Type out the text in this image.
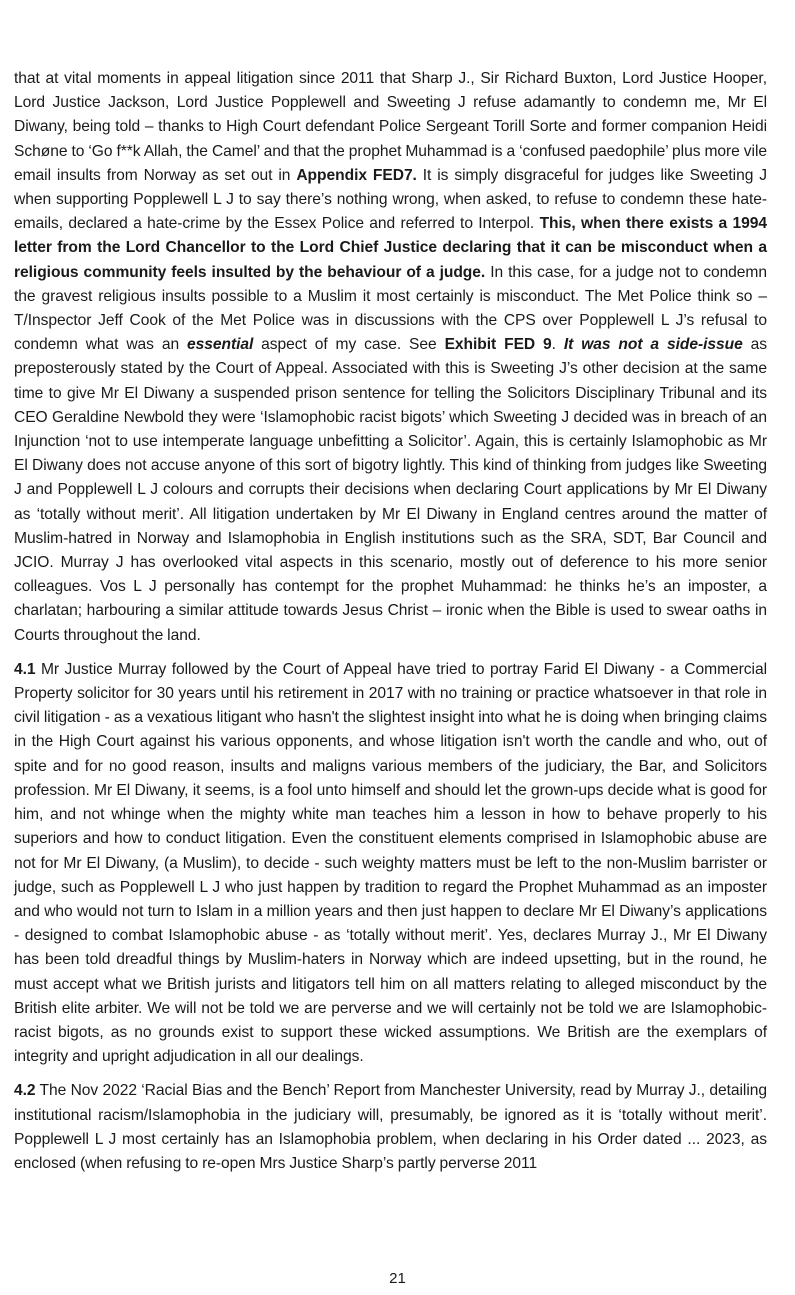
that at vital moments in appeal litigation since 2011 that Sharp J., Sir Richard Buxton, Lord Justice Hooper, Lord Justice Jackson, Lord Justice Popplewell and Sweeting J refuse adamantly to condemn me, Mr El Diwany, being told – thanks to High Court defendant Police Sergeant Torill Sorte and former companion Heidi Schøne to ‘Go f**k Allah, the Camel’ and that the prophet Muhammad is a ‘confused paedophile’ plus more vile email insults from Norway as set out in Appendix FED7. It is simply disgraceful for judges like Sweeting J when supporting Popplewell L J to say there’s nothing wrong, when asked, to refuse to condemn these hate-emails, declared a hate-crime by the Essex Police and referred to Interpol. This, when there exists a 1994 letter from the Lord Chancellor to the Lord Chief Justice declaring that it can be misconduct when a religious community feels insulted by the behaviour of a judge. In this case, for a judge not to condemn the gravest religious insults possible to a Muslim it most certainly is misconduct. The Met Police think so – T/Inspector Jeff Cook of the Met Police was in discussions with the CPS over Popplewell L J’s refusal to condemn what was an essential aspect of my case. See Exhibit FED 9. It was not a side-issue as preposterously stated by the Court of Appeal. Associated with this is Sweeting J’s other decision at the same time to give Mr El Diwany a suspended prison sentence for telling the Solicitors Disciplinary Tribunal and its CEO Geraldine Newbold they were ‘Islamophobic racist bigots’ which Sweeting J decided was in breach of an Injunction ‘not to use intemperate language unbefitting a Solicitor’. Again, this is certainly Islamophobic as Mr El Diwany does not accuse anyone of this sort of bigotry lightly. This kind of thinking from judges like Sweeting J and Popplewell L J colours and corrupts their decisions when declaring Court applications by Mr El Diwany as ‘totally without merit’. All litigation undertaken by Mr El Diwany in England centres around the matter of Muslim-hatred in Norway and Islamophobia in English institutions such as the SRA, SDT, Bar Council and JCIO. Murray J has overlooked vital aspects in this scenario, mostly out of deference to his more senior colleagues. Vos L J personally has contempt for the prophet Muhammad: he thinks he’s an imposter, a charlatan; harbouring a similar attitude towards Jesus Christ – ironic when the Bible is used to swear oaths in Courts throughout the land.

4.1 Mr Justice Murray followed by the Court of Appeal have tried to portray Farid El Diwany - a Commercial Property solicitor for 30 years until his retirement in 2017 with no training or practice whatsoever in that role in civil litigation - as a vexatious litigant who hasn't the slightest insight into what he is doing when bringing claims in the High Court against his various opponents, and whose litigation isn't worth the candle and who, out of spite and for no good reason, insults and maligns various members of the judiciary, the Bar, and Solicitors profession. Mr El Diwany, it seems, is a fool unto himself and should let the grown-ups decide what is good for him, and not whinge when the mighty white man teaches him a lesson in how to behave properly to his superiors and how to conduct litigation. Even the constituent elements comprised in Islamophobic abuse are not for Mr El Diwany, (a Muslim), to decide - such weighty matters must be left to the non-Muslim barrister or judge, such as Popplewell L J who just happen by tradition to regard the Prophet Muhammad as an imposter and who would not turn to Islam in a million years and then just happen to declare Mr El Diwany’s applications - designed to combat Islamophobic abuse - as ‘totally without merit’. Yes, declares Murray J., Mr El Diwany has been told dreadful things by Muslim-haters in Norway which are indeed upsetting, but in the round, he must accept what we British jurists and litigators tell him on all matters relating to alleged misconduct by the British elite arbiter. We will not be told we are perverse and we will certainly not be told we are Islamophobic-racist bigots, as no grounds exist to support these wicked assumptions. We British are the exemplars of integrity and upright adjudication in all our dealings.

4.2 The Nov 2022 ‘Racial Bias and the Bench’ Report from Manchester University, read by Murray J., detailing institutional racism/Islamophobia in the judiciary will, presumably, be ignored as it is ‘totally without merit’. Popplewell L J most certainly has an Islamophobia problem, when declaring in his Order dated ... 2023, as enclosed (when refusing to re-open Mrs Justice Sharp’s partly perverse 2011

21
